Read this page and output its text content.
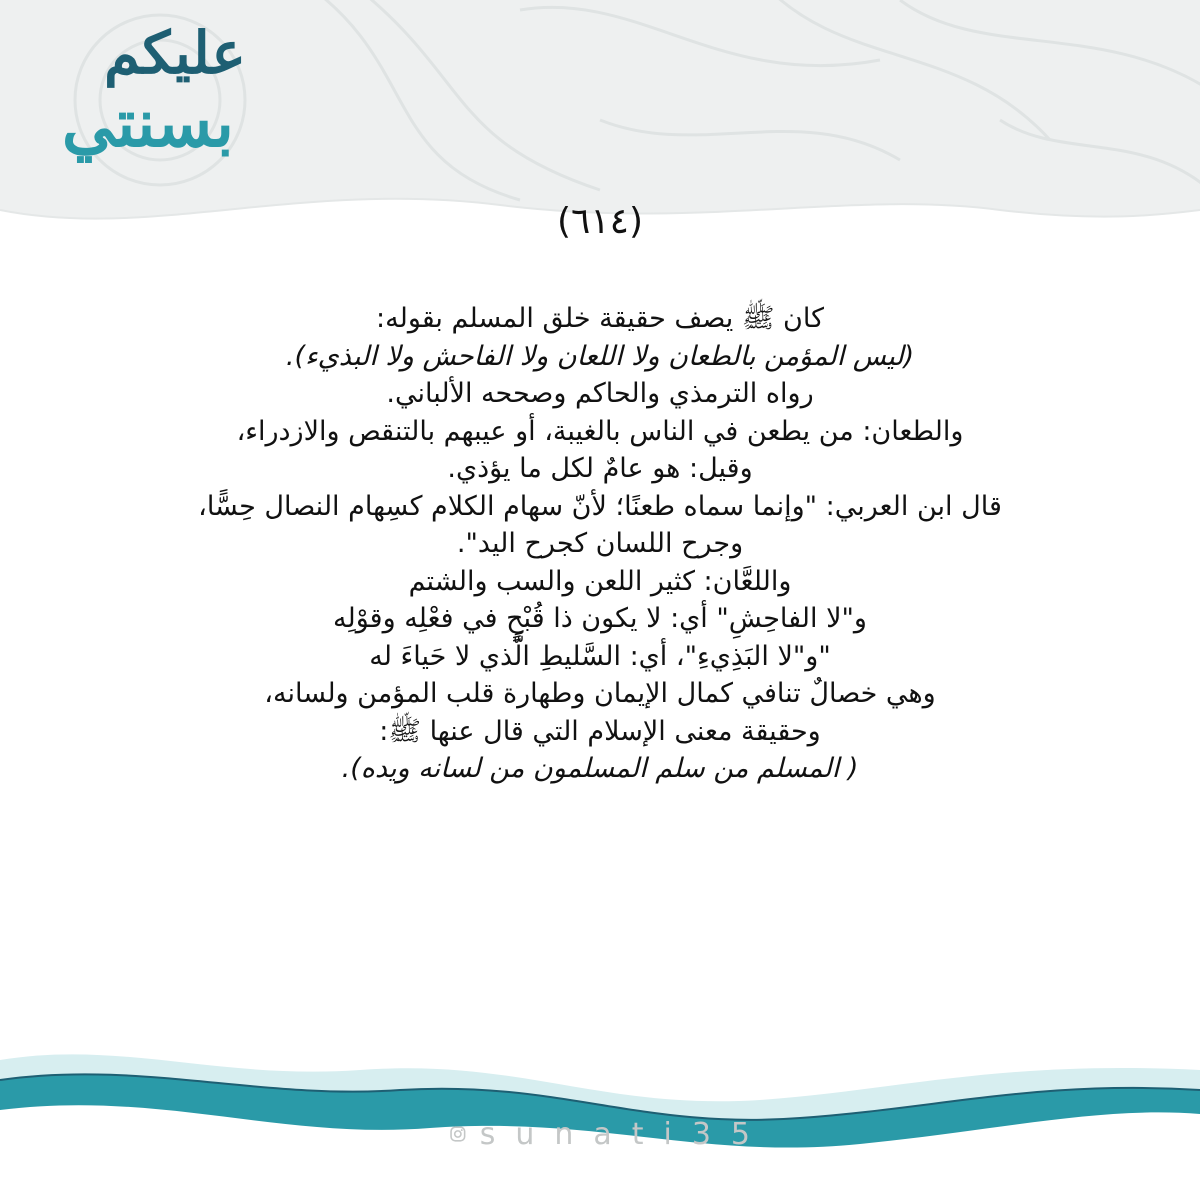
عليكم
بسنتي
(٦١٤)
كان ﷺ يصف حقيقة خلق المسلم بقوله:
(ليس المؤمن بالطعان ولا اللعان ولا الفاحش ولا البذيء).
رواه الترمذي والحاكم وصححه الألباني.
والطعان: من يطعن في الناس بالغيبة، أو عيبهم بالتنقص والازدراء،
وقيل: هو عامٌ لكل ما يؤذي.
قال ابن العربي: "وإنما سماه طعنًا؛ لأنّ سهام الكلام كسِهام النصال حِسًّا،
وجرح اللسان كجرح اليد".
واللعَّان: كثير اللعن والسب والشتم
و"لا الفاحِشِ" أي: لا يكون ذا قُبْحٍ في فعْلِه وقوْلِه
"و"لا البَذِيءِ"، أي: السَّليطِ الَّذي لا حَياءَ له
وهي خصالٌ تنافي كمال الإيمان وطهارة قلب المؤمن ولسانه،
وحقيقة معنى الإسلام التي قال عنها ﷺ:
( المسلم من سلم المسلمون من لسانه ويده).
sunati35
